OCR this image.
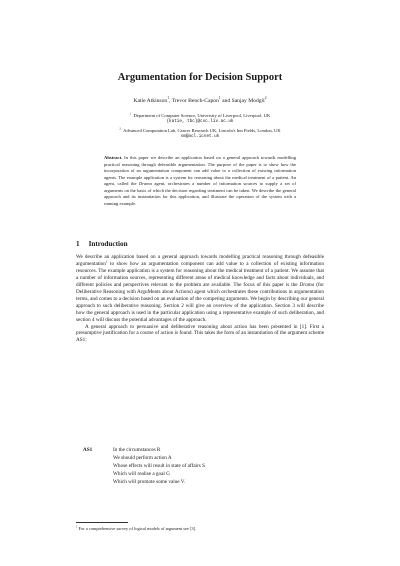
Argumentation for Decision Support
Katie Atkinson$^1$, Trevor Bench-Capon$^1$ and Sanjay Modgil$^2$
$^1$ Department of Computer Science, University of Liverpool, Liverpool, UK
{katie, tbc}@csc.liv.ac.uk
$^2$ Advanced Computation Lab, Cancer Research UK, Lincoln's Inn Fields, London, UK
sm@acl.icnet.uk
Abstract. In this paper we describe an application based on a general approach towards modelling practical reasoning through defeasible argumentation. The purpose of the paper is to show how the incorporation of an argumentation component can add value to a collection of existing information agents. The example application is a system for reasoning about the medical treatment of a patient. An agent, called the Drama agent, orchestrates a number of information sources to supply a set of arguments on the basis of which the decision regarding treatment can be taken. We describe the general approach and its instantiation for this application, and illustrate the operation of the system with a running example.
1 Introduction

We describe an application based on a general approach towards modelling practical reasoning through defeasible argumentation$^1$ to show how an argumentation component can add value to a collection of existing information resources. The example application is a system for reasoning about the medical treatment of a patient. We assume that a number of information sources, representing different areas of medical knowledge and facts about individuals, and different policies and perspectives relevant to the problem are available. The focus of this paper is the Drama (for Deliberative Reasoning with ArguMents about Actions) agent which orchestrates these contributions in argumentation terms, and comes to a decision based on an evaluation of the competing arguments. We begin by describing our general approach to such deliberative reasoning. Section 2 will give an overview of the application. Section 3 will describe how the general approach is used in the particular application using a representative example of such deliberation, and section 4 will discuss the potential advantages of the approach.

A general approach to persuasive and deliberative reasoning about action has been presented in [1]. First a presumptive justification for a course of action is found. This takes the form of an instantiation of the argument scheme AS1:

AS1	In the circumstances R
We should perform action A
Whose effects will result in state of affairs S
Which will realise a goal G
Which will promote some value V.
$^1$ For a comprehensive survey of logical models of argument see [3].
